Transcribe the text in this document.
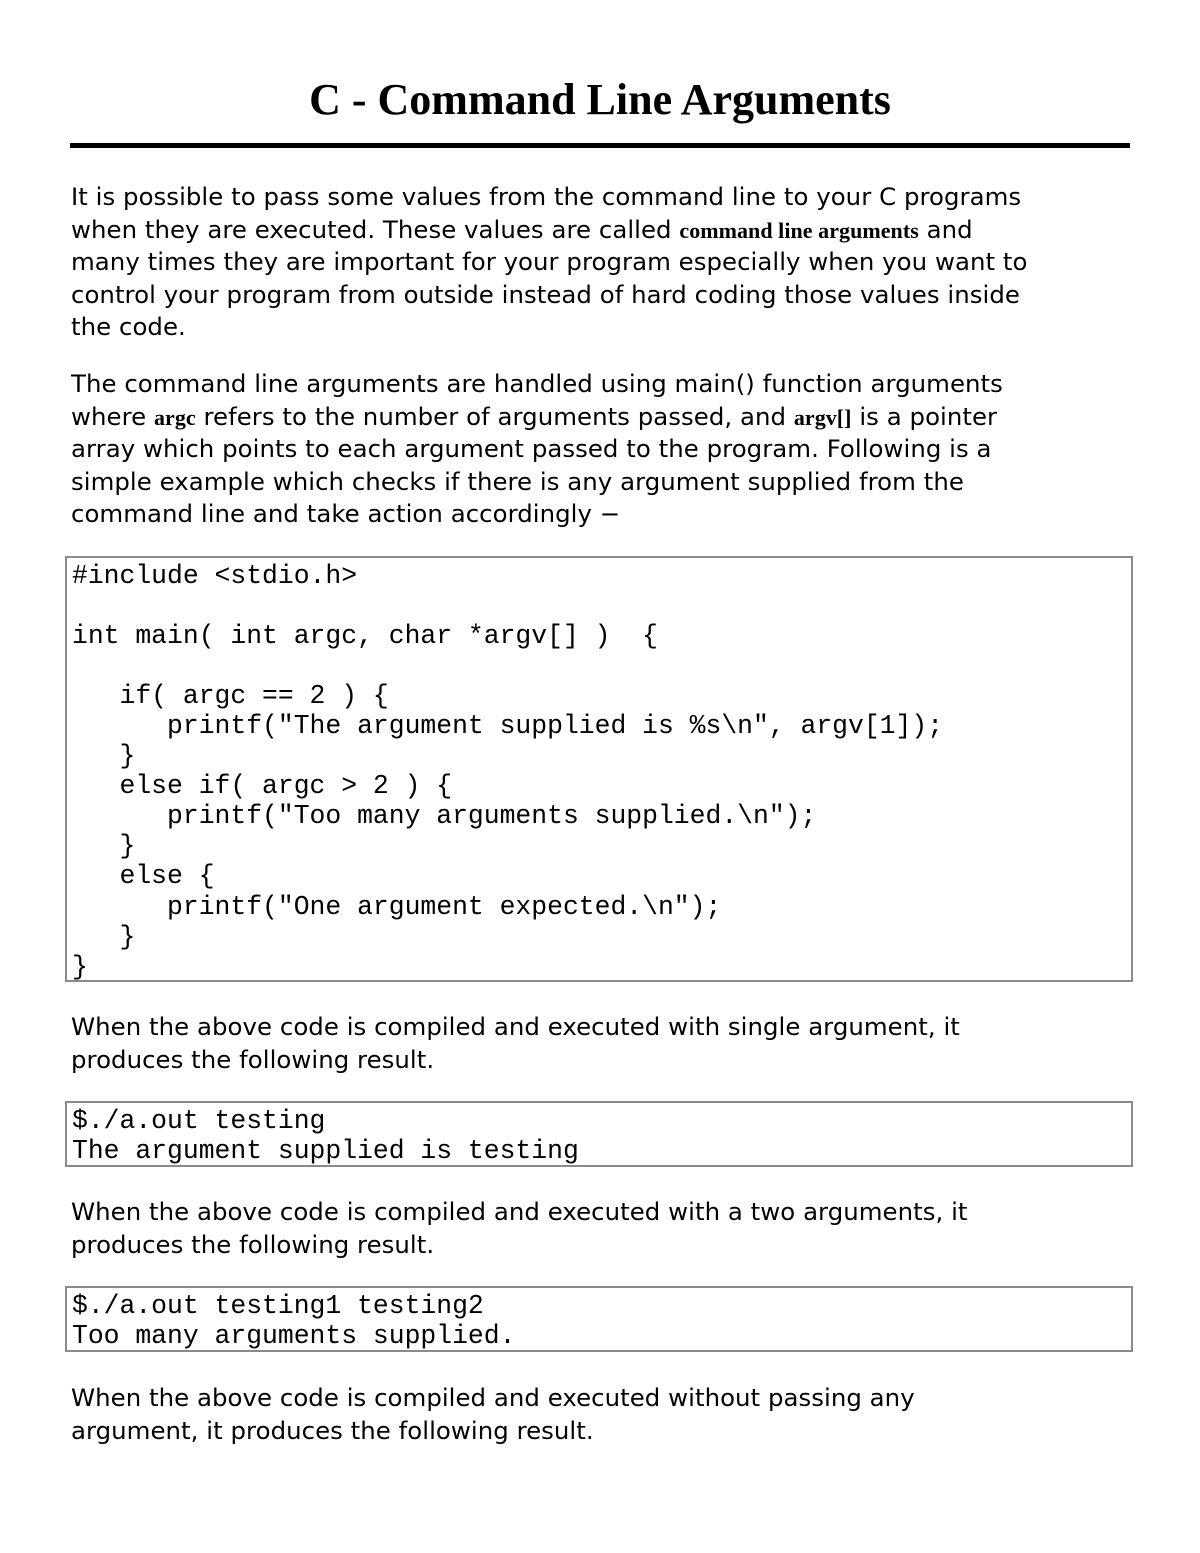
C - Command Line Arguments

It is possible to pass some values from the command line to your C programs
when they are executed. These values are called command line arguments and
many times they are important for your program especially when you want to
control your program from outside instead of hard coding those values inside
the code.

The command line arguments are handled using main() function arguments
where argc refers to the number of arguments passed, and argv[] is a pointer
array which points to each argument passed to the program. Following is a
simple example which checks if there is any argument supplied from the
command line and take action accordingly −

#include <stdio.h>

int main( int argc, char *argv[] )  {

if( argc == 2 ) {
printf("The argument supplied is %s\n", argv[1]);
}
else if( argc > 2 ) {
printf("Too many arguments supplied.\n");
}
else {
printf("One argument expected.\n");
}
}

When the above code is compiled and executed with single argument, it
produces the following result.

$./a.out testing
The argument supplied is testing

When the above code is compiled and executed with a two arguments, it
produces the following result.

$./a.out testing1 testing2
Too many arguments supplied.

When the above code is compiled and executed without passing any
argument, it produces the following result.
